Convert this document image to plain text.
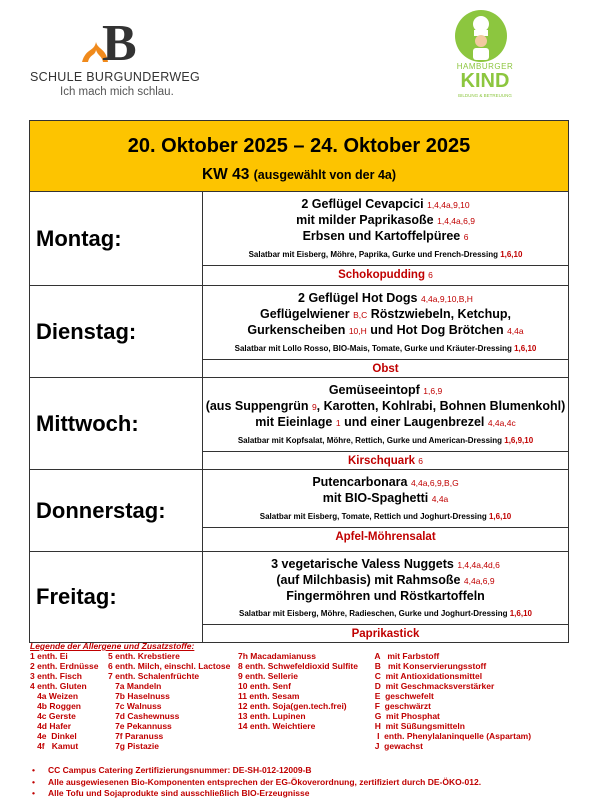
B
SCHULE BURGUNDERWEG
Ich mach mich schlau.
HAMBURGER
KIND
BILDUNG & BETREUUNG
20. Oktober 2025 – 24. Oktober 2025
KW 43 (ausgewählt von der 4a)	

Montag:	2 Geflügel Cevapcici 1,4,4a,9,10
mit milder Paprikasoße 1,4,4a,6,9
Erbsen und Kartoffelpüree 6
Salatbar mit Eisberg, Möhre, Paprika, Gurke und French-Dressing 1,6,10
Schokopudding 6

Dienstag:	2 Geflügel Hot Dogs 4,4a,9,10,B,H
Geflügelwiener B,C Röstzwiebeln, Ketchup,
Gurkenscheiben 10,H und Hot Dog Brötchen 4,4a
Salatbar mit Lollo Rosso, BIO-Mais, Tomate, Gurke und Kräuter-Dressing 1,6,10
Obst

Mittwoch:	Gemüseeintopf 1,6,9
(aus Suppengrün 9, Karotten, Kohlrabi, Bohnen Blumenkohl)
mit Eieinlage 1 und einer Laugenbrezel 4,4a,4c
Salatbar mit Kopfsalat, Möhre, Rettich, Gurke und American-Dressing 1,6,9,10
Kirschquark 6

Donnerstag:	Putencarbonara 4,4a,6,9,B,G
mit BIO-Spaghetti 4,4a
Salatbar mit Eisberg, Tomate, Rettich und Joghurt-Dressing 1,6,10
Apfel-Möhrensalat

Freitag:	3 vegetarische Valess Nuggets 1,4,4a,4d,6
(auf Milchbasis) mit Rahmsoße 4,4a,6,9
Fingermöhren und Röstkartoffeln
Salatbar mit Eisberg, Möhre, Radieschen, Gurke und Joghurt-Dressing 1,6,10
Paprikastick
Legende der Allergene und Zusatzstoffe:
1 enth. Ei
2 enth. Erdnüsse
3 enth. Fisch
4 enth. Gluten
4a Weizen
4b Roggen
4c Gerste
4d Hafer
4e  Dinkel
4f   Kamut
5 enth. Krebstiere
6 enth. Milch, einschl. Lactose
7 enth. Schalenfrüchte
7a Mandeln
7b Haselnuss
7c Walnuss
7d Cashewnuss
7e Pekannuss
7f Paranuss
7g Pistazie
7h Macadamianuss
8 enth. Schwefeldioxid Sulfite
9 enth. Sellerie
10 enth. Senf
11 enth. Sesam
12 enth. Soja(gen.tech.frei)
13 enth. Lupinen
14 enth. Weichtiere
A   mit Farbstoff
B   mit Konservierungsstoff
C  mit Antioxidationsmittel
D  mit Geschmacksverstärker
E  geschwefelt
F  geschwärzt
G  mit Phosphat
H  mit Süßungsmitteln
I  enth. Phenylalaninquelle (Aspartam)
J  gewachst
• CC Campus Catering Zertifizierungsnummer: DE-SH-012-12009-B
• Alle ausgewiesenen Bio-Komponenten entsprechen der EG-Ökoverordnung, zertifiziert durch DE-ÖKO-012.
• Alle Tofu und Sojaprodukte sind ausschließlich BIO-Erzeugnisse
